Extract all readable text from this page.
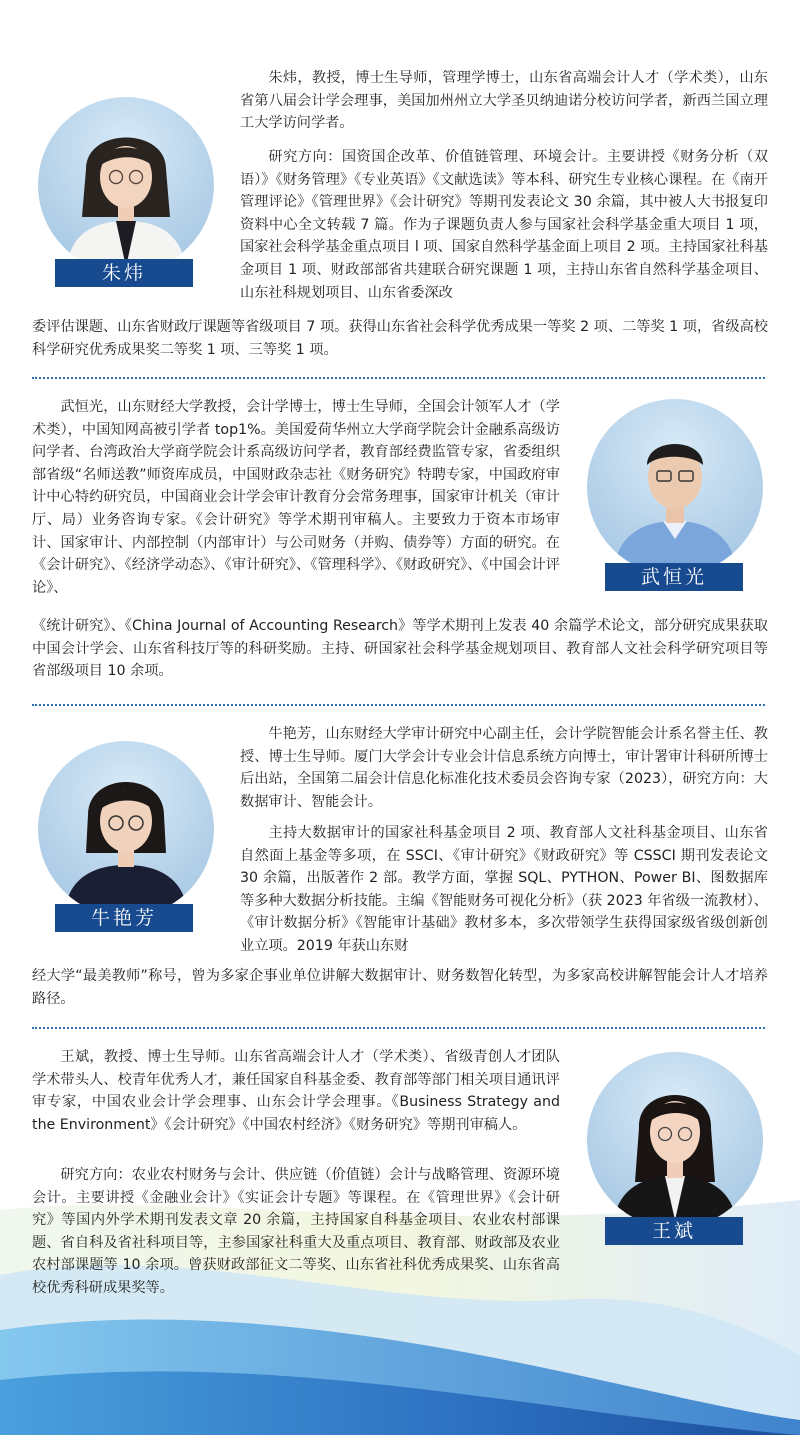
朱炜

朱炜，教授，博士生导师，管理学博士，山东省高端会计人才（学术类），山东省第八届会计学会理事，美国加州州立大学圣贝纳迪诺分校访问学者，新西兰国立理工大学访问学者。

研究方向：国资国企改革、价值链管理、环境会计。主要讲授《财务分析（双语）》《财务管理》《专业英语》《文献选读》等本科、研究生专业核心课程。在《南开管理评论》《管理世界》《会计研究》等期刊发表论文 30 余篇，其中被人大书报复印资料中心全文转载 7 篇。作为子课题负责人参与国家社会科学基金重大项目 1 项，国家社会科学基金重点项目 l 项、国家自然科学基金面上项目 2 项。主持国家社科基金项目 1 项、财政部部省共建联合研究课题 1 项，主持山东省自然科学基金项目、山东社科规划项目、山东省委深改

委评估课题、山东省财政厅课题等省级项目 7 项。获得山东省社会科学优秀成果一等奖 2 项、二等奖 1 项，省级高校科学研究优秀成果奖二等奖 1 项、三等奖 1 项。

武恒光

武恒光，山东财经大学教授，会计学博士，博士生导师，全国会计领军人才（学术类），中国知网高被引学者 top1%。美国爱荷华州立大学商学院会计金融系高级访问学者、台湾政治大学商学院会计系高级访问学者，教育部经费监管专家，省委组织部省级“名师送教”师资库成员，中国财政杂志社《财务研究》特聘专家，中国政府审计中心特约研究员，中国商业会计学会审计教育分会常务理事，国家审计机关（审计厅、局）业务咨询专家。《会计研究》等学术期刊审稿人。主要致力于资本市场审计、国家审计、内部控制（内部审计）与公司财务（并购、债券等）方面的研究。在《会计研究》、《经济学动态》、《审计研究》、《管理科学》、《财政研究》、《中国会计评论》、

《统计研究》、《China Journal of Accounting Research》等学术期刊上发表 40 余篇学术论文，部分研究成果获取中国会计学会、山东省科技厅等的科研奖励。主持、研国家社会科学基金规划项目、教育部人文社会科学研究项目等省部级项目 10 余项。

牛艳芳

牛艳芳，山东财经大学审计研究中心副主任，会计学院智能会计系名誉主任、教授、博士生导师。厦门大学会计专业会计信息系统方向博士，审计署审计科研所博士后出站，全国第二届会计信息化标准化技术委员会咨询专家（2023），研究方向：大数据审计、智能会计。

主持大数据审计的国家社科基金项目 2 项、教育部人文社科基金项目、山东省自然面上基金等多项，在 SSCI、《审计研究》《财政研究》等 CSSCI 期刊发表论文 30 余篇，出版著作 2 部。教学方面，掌握 SQL、PYTHON、Power BI、图数据库等多种大数据分析技能。主编《智能财务可视化分析》（获 2023 年省级一流教材）、《审计数据分析》《智能审计基础》教材多本，多次带领学生获得国家级省级创新创业立项。2019 年获山东财

经大学“最美教师”称号，曾为多家企事业单位讲解大数据审计、财务数智化转型，为多家高校讲解智能会计人才培养路径。

王斌

王斌，教授、博士生导师。山东省高端会计人才（学术类）、省级青创人才团队学术带头人、校青年优秀人才，兼任国家自科基金委、教育部等部门相关项目通讯评审专家，中国农业会计学会理事、山东会计学会理事。《Business Strategy and the Environment》《会计研究》《中国农村经济》《财务研究》等期刊审稿人。

研究方向：农业农村财务与会计、供应链（价值链）会计与战略管理、资源环境会计。主要讲授《金融业会计》《实证会计专题》等课程。在《管理世界》《会计研究》等国内外学术期刊发表文章 20 余篇，主持国家自科基金项目、农业农村部课题、省自科及省社科项目等，主参国家社科重大及重点项目、教育部、财政部及农业农村部课题等 10 余项。曾获财政部征文二等奖、山东省社科优秀成果奖、山东省高校优秀科研成果奖等。
